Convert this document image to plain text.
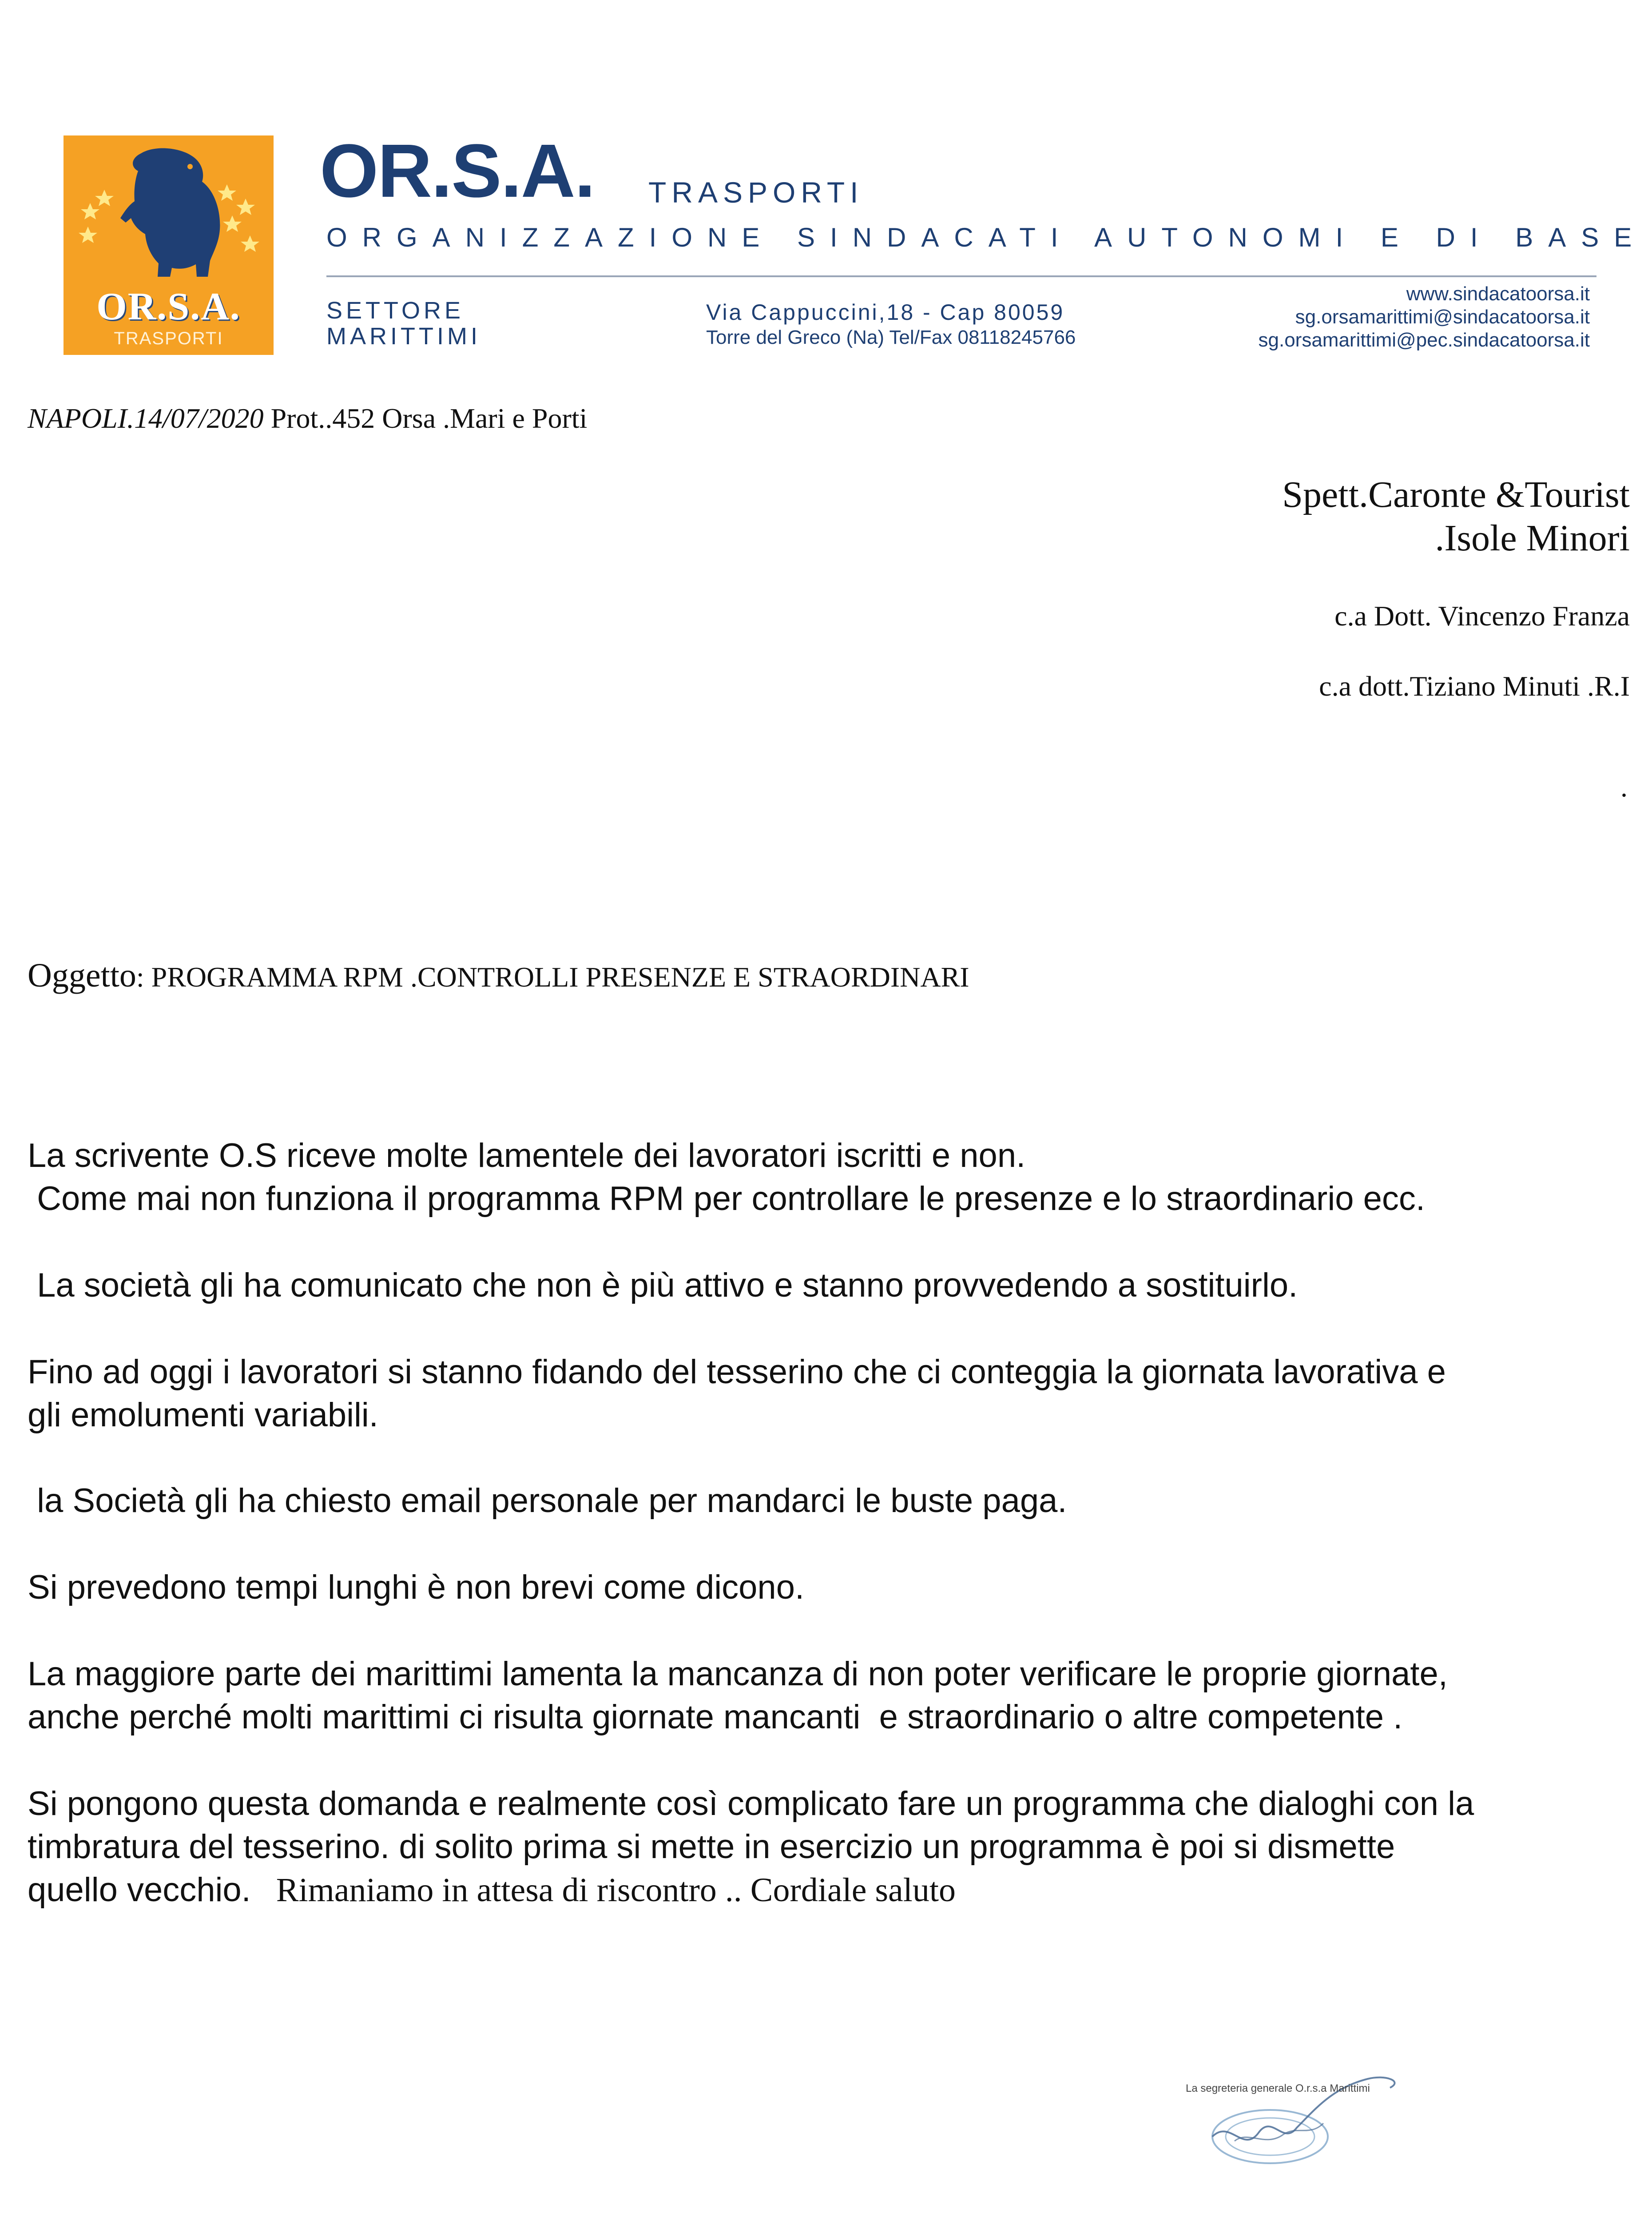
OR.S.A.
TRASPORTI
OR.S.A. TRASPORTI
ORGANIZZAZIONE SINDACATI AUTONOMI E DI BASE
SETTORE
MARITTIMI
Via Cappuccini,18 - Cap 80059
Torre del Greco (Na) Tel/Fax 08118245766
www.sindacatoorsa.it
sg.orsamarittimi@sindacatoorsa.it
sg.orsamarittimi@pec.sindacatoorsa.it
NAPOLI.14/07/2020 Prot..452 Orsa .Mari e Porti
Spett.Caronte &Tourist
.Isole Minori
c.a Dott. Vincenzo Franza
c.a dott.Tiziano Minuti .R.I
.
Oggetto: PROGRAMMA RPM .CONTROLLI PRESENZE E STRAORDINARI
La scrivente O.S riceve molte lamentele dei lavoratori iscritti e non.
Come mai non funziona il programma RPM per controllare le presenze e lo straordinario ecc.
La società gli ha comunicato che non è più attivo e stanno provvedendo a sostituirlo.
Fino ad oggi i lavoratori si stanno fidando del tesserino che ci conteggia la giornata lavorativa e
gli emolumenti variabili.
la Società gli ha chiesto email personale per mandarci le buste paga.
Si prevedono tempi lunghi è non brevi come dicono.
La maggiore parte dei marittimi lamenta la mancanza di non poter verificare le proprie giornate,
anche perché molti marittimi ci risulta giornate mancanti  e straordinario o altre competente .
Si pongono questa domanda e realmente così complicato fare un programma che dialoghi con la
timbratura del tesserino. di solito prima si mette in esercizio un programma è poi si dismette
quello vecchio.   Rimaniamo in attesa di riscontro .. Cordiale saluto
La segreteria generale O.r.s.a Marittimi
